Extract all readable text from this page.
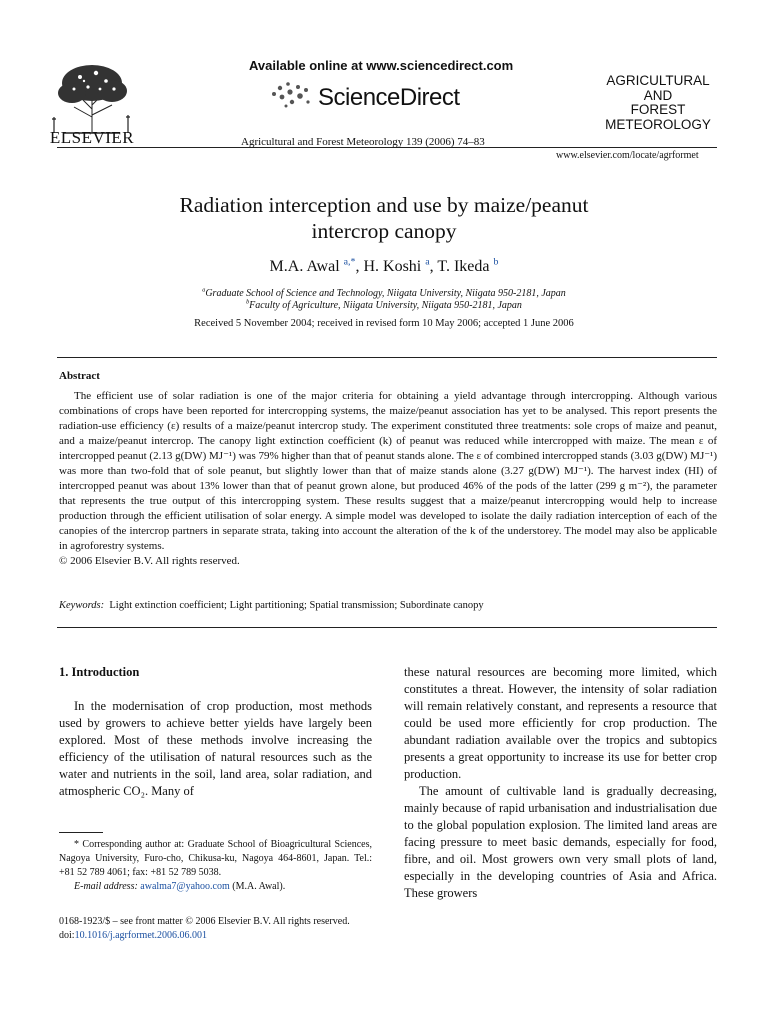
ELSEVIER
Available online at www.sciencedirect.com
ScienceDirect
Agricultural and Forest Meteorology 139 (2006) 74–83
AGRICULTURAL
AND
FOREST
METEOROLOGY
www.elsevier.com/locate/agrformet
Radiation interception and use by maize/peanut
intercrop canopy
M.A. Awal $^{a,*}$, H. Koshi $^a$, T. Ikeda $^b$
$^a$Graduate School of Science and Technology, Niigata University, Niigata 950-2181, Japan
$^b$Faculty of Agriculture, Niigata University, Niigata 950-2181, Japan
Received 5 November 2004; received in revised form 10 May 2006; accepted 1 June 2006
Abstract

The efficient use of solar radiation is one of the major criteria for obtaining a yield advantage through intercropping. Although various combinations of crops have been reported for intercropping systems, the maize/peanut association has yet to be analysed. This report presents the radiation-use efficiency (ε) results of a maize/peanut intercrop study. The experiment constituted three treatments: sole crops of maize and peanut, and a maize/peanut intercrop. The canopy light extinction coefficient (k) of peanut was reduced while intercropped with maize. The mean ε of intercropped peanut (2.13 g(DW) MJ⁻¹) was 79% higher than that of peanut stands alone. The ε of combined intercropped stands (3.03 g(DW) MJ⁻¹) was more than two-fold that of sole peanut, but slightly lower than that of maize stands alone (3.27 g(DW) MJ⁻¹). The harvest index (HI) of intercropped peanut was about 13% lower than that of peanut grown alone, but produced 46% of the pods of the latter (299 g m⁻²), the parameter that represents the true output of this intercropping system. These results suggest that a maize/peanut intercropping would help to increase production through the efficient utilisation of solar energy. A simple model was developed to isolate the daily radiation interception of each of the canopies of the intercrop partners in separate strata, taking into account the alteration of the k of the understorey. The model may also be applicable in agroforestry systems.

© 2006 Elsevier B.V. All rights reserved.

Keywords: Light extinction coefficient; Light partitioning; Spatial transmission; Subordinate canopy
1. Introduction

In the modernisation of crop production, most methods used by growers to achieve better yields have largely been explored. Most of these methods involve increasing the efficiency of the utilisation of natural resources such as the water and nutrients in the soil, land area, solar radiation, and atmospheric CO₂. Many of

these natural resources are becoming more limited, which constitutes a threat. However, the intensity of solar radiation will remain relatively constant, and represents a resource that could be used more efficiently for crop production. The abundant radiation available over the tropics and subtopics presents a great opportunity to increase its use for better crop production.

The amount of cultivable land is gradually decreasing, mainly because of rapid urbanisation and industrialisation due to the global population explosion. The limited land areas are facing pressure to meet basic demands, especially for food, fibre, and oil. Most growers own very small plots of land, especially in the developing countries of Asia and Africa. These growers

* Corresponding author at: Graduate School of Bioagricultural Sciences, Nagoya University, Furo-cho, Chikusa-ku, Nagoya 464-8601, Japan. Tel.: +81 52 789 4061; fax: +81 52 789 5038.

E-mail address: awalma7@yahoo.com (M.A. Awal).

0168-1923/$ – see front matter © 2006 Elsevier B.V. All rights reserved.
doi:10.1016/j.agrformet.2006.06.001
